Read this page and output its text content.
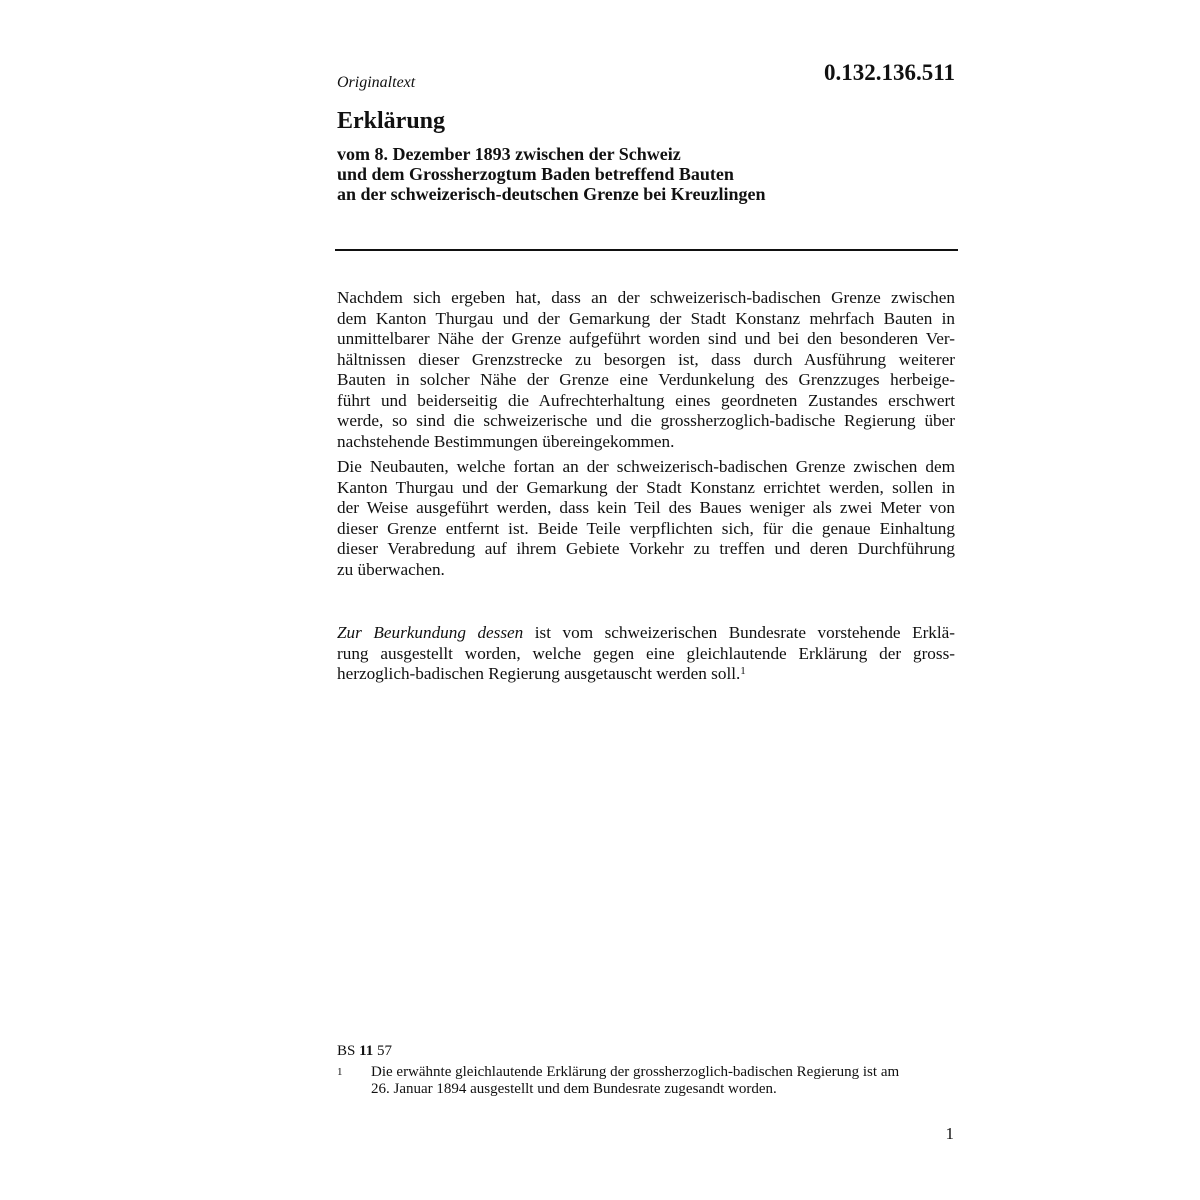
Originaltext	0.132.136.511
Erklärung
vom 8. Dezember 1893 zwischen der Schweiz
und dem Grossherzogtum Baden betreffend Bauten
an der schweizerisch-deutschen Grenze bei Kreuzlingen
Nachdem sich ergeben hat, dass an der schweizerisch-badischen Grenze zwischen
dem Kanton Thurgau und der Gemarkung der Stadt Konstanz mehrfach Bauten in
unmittelbarer Nähe der Grenze aufgeführt worden sind und bei den besonderen Ver-
hältnissen dieser Grenzstrecke zu besorgen ist, dass durch Ausführung weiterer
Bauten in solcher Nähe der Grenze eine Verdunkelung des Grenzzuges herbeige-
führt und beiderseitig die Aufrechterhaltung eines geordneten Zustandes erschwert
werde, so sind die schweizerische und die grossherzoglich-badische Regierung über
nachstehende Bestimmungen übereingekommen.
Die Neubauten, welche fortan an der schweizerisch-badischen Grenze zwischen dem
Kanton Thurgau und der Gemarkung der Stadt Konstanz errichtet werden, sollen in
der Weise ausgeführt werden, dass kein Teil des Baues weniger als zwei Meter von
dieser Grenze entfernt ist. Beide Teile verpflichten sich, für die genaue Einhaltung
dieser Verabredung auf ihrem Gebiete Vorkehr zu treffen und deren Durchführung
zu überwachen.
Zur Beurkundung dessen ist vom schweizerischen Bundesrate vorstehende Erklä-
rung ausgestellt worden, welche gegen eine gleichlautende Erklärung der gross-
herzoglich-badischen Regierung ausgetauscht werden soll.$^1$
BS 11 57
1 Die erwähnte gleichlautende Erklärung der grossherzoglich-badischen Regierung ist am
26. Januar 1894 ausgestellt und dem Bundesrate zugesandt worden.
1
